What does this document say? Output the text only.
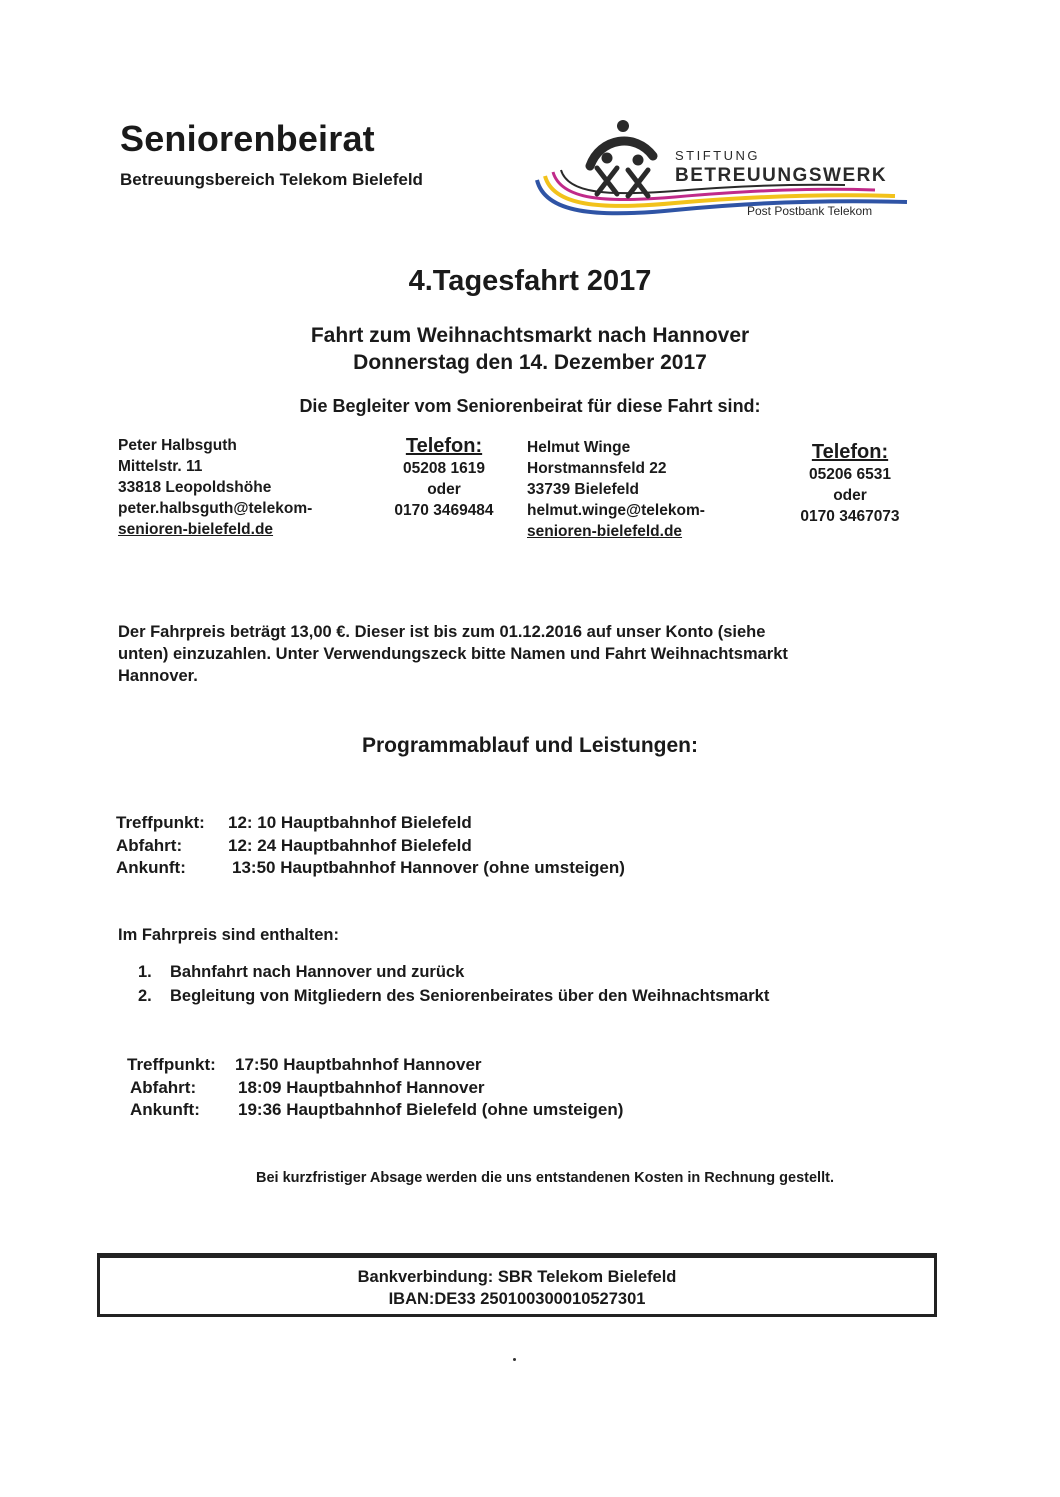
Seniorenbeirat
Betreuungsbereich Telekom Bielefeld
STIFTUNG
BETREUUNGSWERK
Post Postbank Telekom
4.Tagesfahrt 2017
Fahrt zum Weihnachtsmarkt nach Hannover
Donnerstag den 14. Dezember 2017
Die Begleiter vom Seniorenbeirat für diese Fahrt sind:
Peter Halbsguth
Mittelstr. 11
33818 Leopoldshöhe
peter.halbsguth@telekom-
senioren-bielefeld.de
Telefon:
05208 1619
oder
0170 3469484
Helmut Winge
Horstmannsfeld 22
33739 Bielefeld
helmut.winge@telekom-
senioren-bielefeld.de
Telefon:
05206 6531
oder
0170 3467073
Der Fahrpreis beträgt 13,00 €. Dieser ist bis zum 01.12.2016 auf unser Konto (siehe
unten) einzuzahlen. Unter Verwendungszeck bitte Namen und Fahrt Weihnachtsmarkt
Hannover.
Programmablauf und Leistungen:
Treffpunkt: 12: 10 Hauptbahnhof Bielefeld
Abfahrt:	12: 24 Hauptbahnhof Bielefeld
Ankunft:	13:50 Hauptbahnhof Hannover (ohne umsteigen)
Im Fahrpreis sind enthalten:
1. Bahnfahrt nach Hannover und zurück
2. Begleitung von Mitgliedern des Seniorenbeirates über den Weihnachtsmarkt
Treffpunkt: 17:50 Hauptbahnhof Hannover
Abfahrt: 18:09 Hauptbahnhof Hannover
Ankunft: 19:36 Hauptbahnhof Bielefeld (ohne umsteigen)
Bei kurzfristiger Absage werden die uns entstandenen Kosten in Rechnung gestellt.
Bankverbindung: SBR Telekom Bielefeld
IBAN:DE33 250100300010527301
